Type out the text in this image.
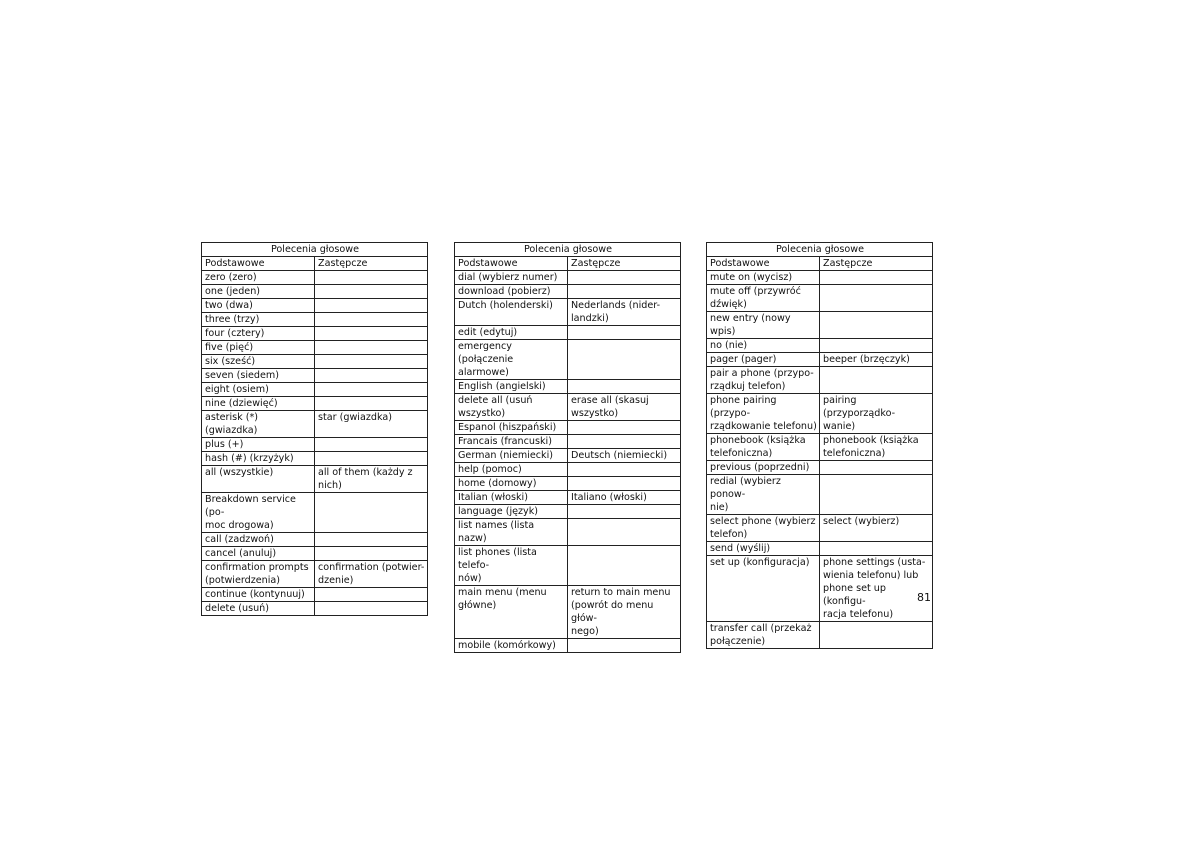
Polecenia głosowe	
Podstawowe	Zastępcze
zero (zero)	
one (jeden)	
two (dwa)	
three (trzy)	
four (cztery)	
five (pięć)	
six (sześć)	
seven (siedem)	
eight (osiem)	
nine (dziewięć)	
asterisk (*) (gwiazdka)	star (gwiazdka)
plus (+)	
hash (#) (krzyżyk)	
all (wszystkie)	all of them (każdy z
nich)
Breakdown service (po-
moc drogowa)	
call (zadzwoń)	
cancel (anuluj)	
confirmation prompts
(potwierdzenia)	confirmation (potwier-
dzenie)
continue (kontynuuj)	
delete (usuń)	
Polecenia głosowe	
Podstawowe	Zastępcze
dial (wybierz numer)	
download (pobierz)	
Dutch (holenderski)	Nederlands (nider-
landzki)
edit (edytuj)	
emergency (połączenie
alarmowe)	
English (angielski)	
delete all (usuń
wszystko)	erase all (skasuj
wszystko)
Espanol (hiszpański)	
Francais (francuski)	
German (niemiecki)	Deutsch (niemiecki)
help (pomoc)	
home (domowy)	
Italian (włoski)	Italiano (włoski)
language (język)	
list names (lista nazw)	
list phones (lista telefo-
nów)	
main menu (menu
główne)	return to main menu
(powrót do menu głów-
nego)
mobile (komórkowy)	
Polecenia głosowe	
Podstawowe	Zastępcze
mute on (wycisz)	
mute off (przywróć
dźwięk)	
new entry (nowy wpis)	
no (nie)	
pager (pager)	beeper (brzęczyk)
pair a phone (przypo-
rządkuj telefon)	
phone pairing (przypo-
rządkowanie telefonu)	pairing (przyporządko-
wanie)
phonebook (książka
telefoniczna)	phonebook (książka
telefoniczna)
previous (poprzedni)	
redial (wybierz ponow-
nie)	
select phone (wybierz
telefon)	select (wybierz)
send (wyślij)	
set up (konfiguracja)	phone settings (usta-
wienia telefonu) lub
phone set up (konfigu-
racja telefonu)
transfer call (przekaż
połączenie)	
81
